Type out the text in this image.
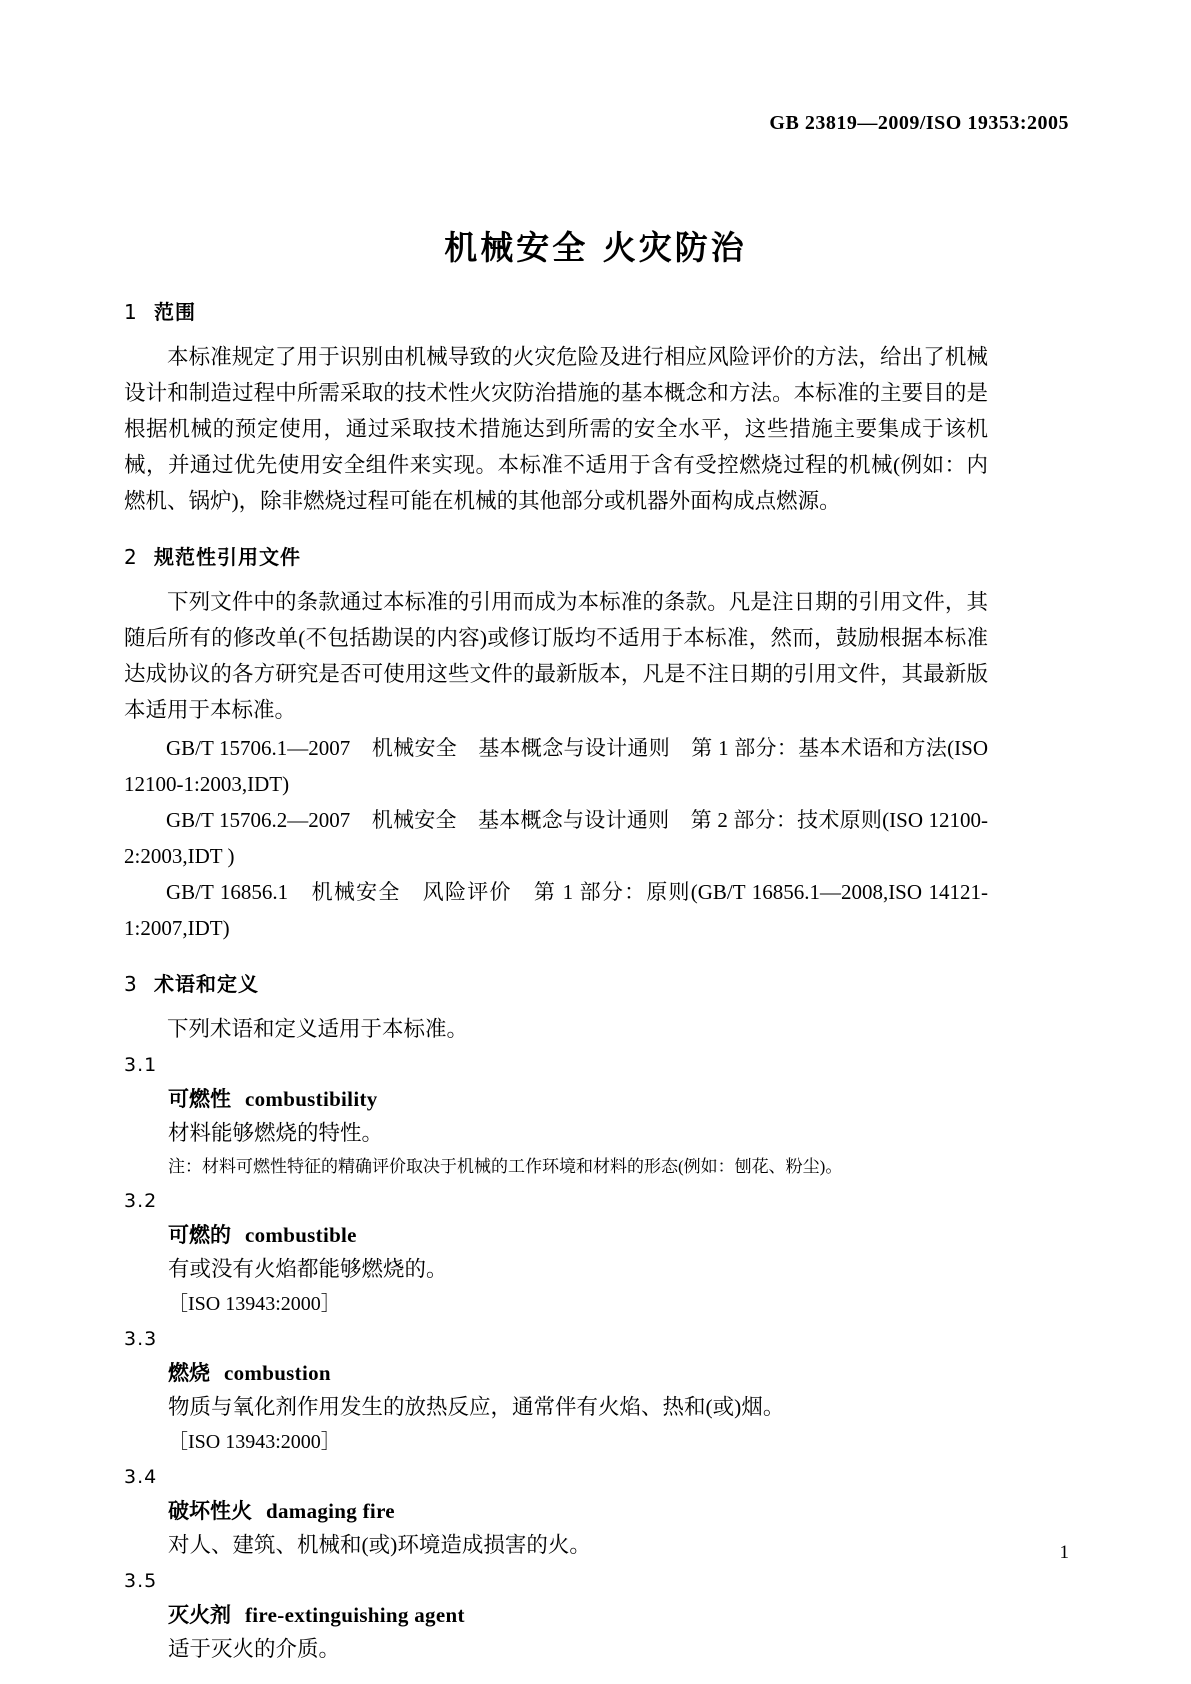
GB 23819—2009/ISO 19353:2005
机械安全 火灾防治
1 范围

本标准规定了用于识别由机械导致的火灾危险及进行相应风险评价的方法，给出了机械设计和制造过程中所需采取的技术性火灾防治措施的基本概念和方法。本标准的主要目的是根据机械的预定使用，通过采取技术措施达到所需的安全水平，这些措施主要集成于该机械，并通过优先使用安全组件来实现。本标准不适用于含有受控燃烧过程的机械(例如：内燃机、锅炉)，除非燃烧过程可能在机械的其他部分或机器外面构成点燃源。

2 规范性引用文件

下列文件中的条款通过本标准的引用而成为本标准的条款。凡是注日期的引用文件，其随后所有的修改单(不包括勘误的内容)或修订版均不适用于本标准，然而，鼓励根据本标准达成协议的各方研究是否可使用这些文件的最新版本，凡是不注日期的引用文件，其最新版本适用于本标准。

GB/T 15706.1—2007　机械安全　基本概念与设计通则　第 1 部分：基本术语和方法(ISO 12100-1:2003,IDT)

GB/T 15706.2—2007　机械安全　基本概念与设计通则　第 2 部分：技术原则(ISO 12100-2:2003,IDT )

GB/T 16856.1　机械安全　风险评价　第 1 部分：原则(GB/T 16856.1—2008,ISO 14121-1:2007,IDT)

3 术语和定义

下列术语和定义适用于本标准。

3.1
可燃性 combustibility
材料能够燃烧的特性。
注：材料可燃性特征的精确评价取决于机械的工作环境和材料的形态(例如：刨花、粉尘)。
3.2
可燃的 combustible
有或没有火焰都能够燃烧的。
［ISO 13943:2000］
3.3
燃烧 combustion
物质与氧化剂作用发生的放热反应，通常伴有火焰、热和(或)烟。
［ISO 13943:2000］
3.4
破坏性火 damaging fire
对人、建筑、机械和(或)环境造成损害的火。
3.5
灭火剂 fire-extinguishing agent
适于灭火的介质。
1
